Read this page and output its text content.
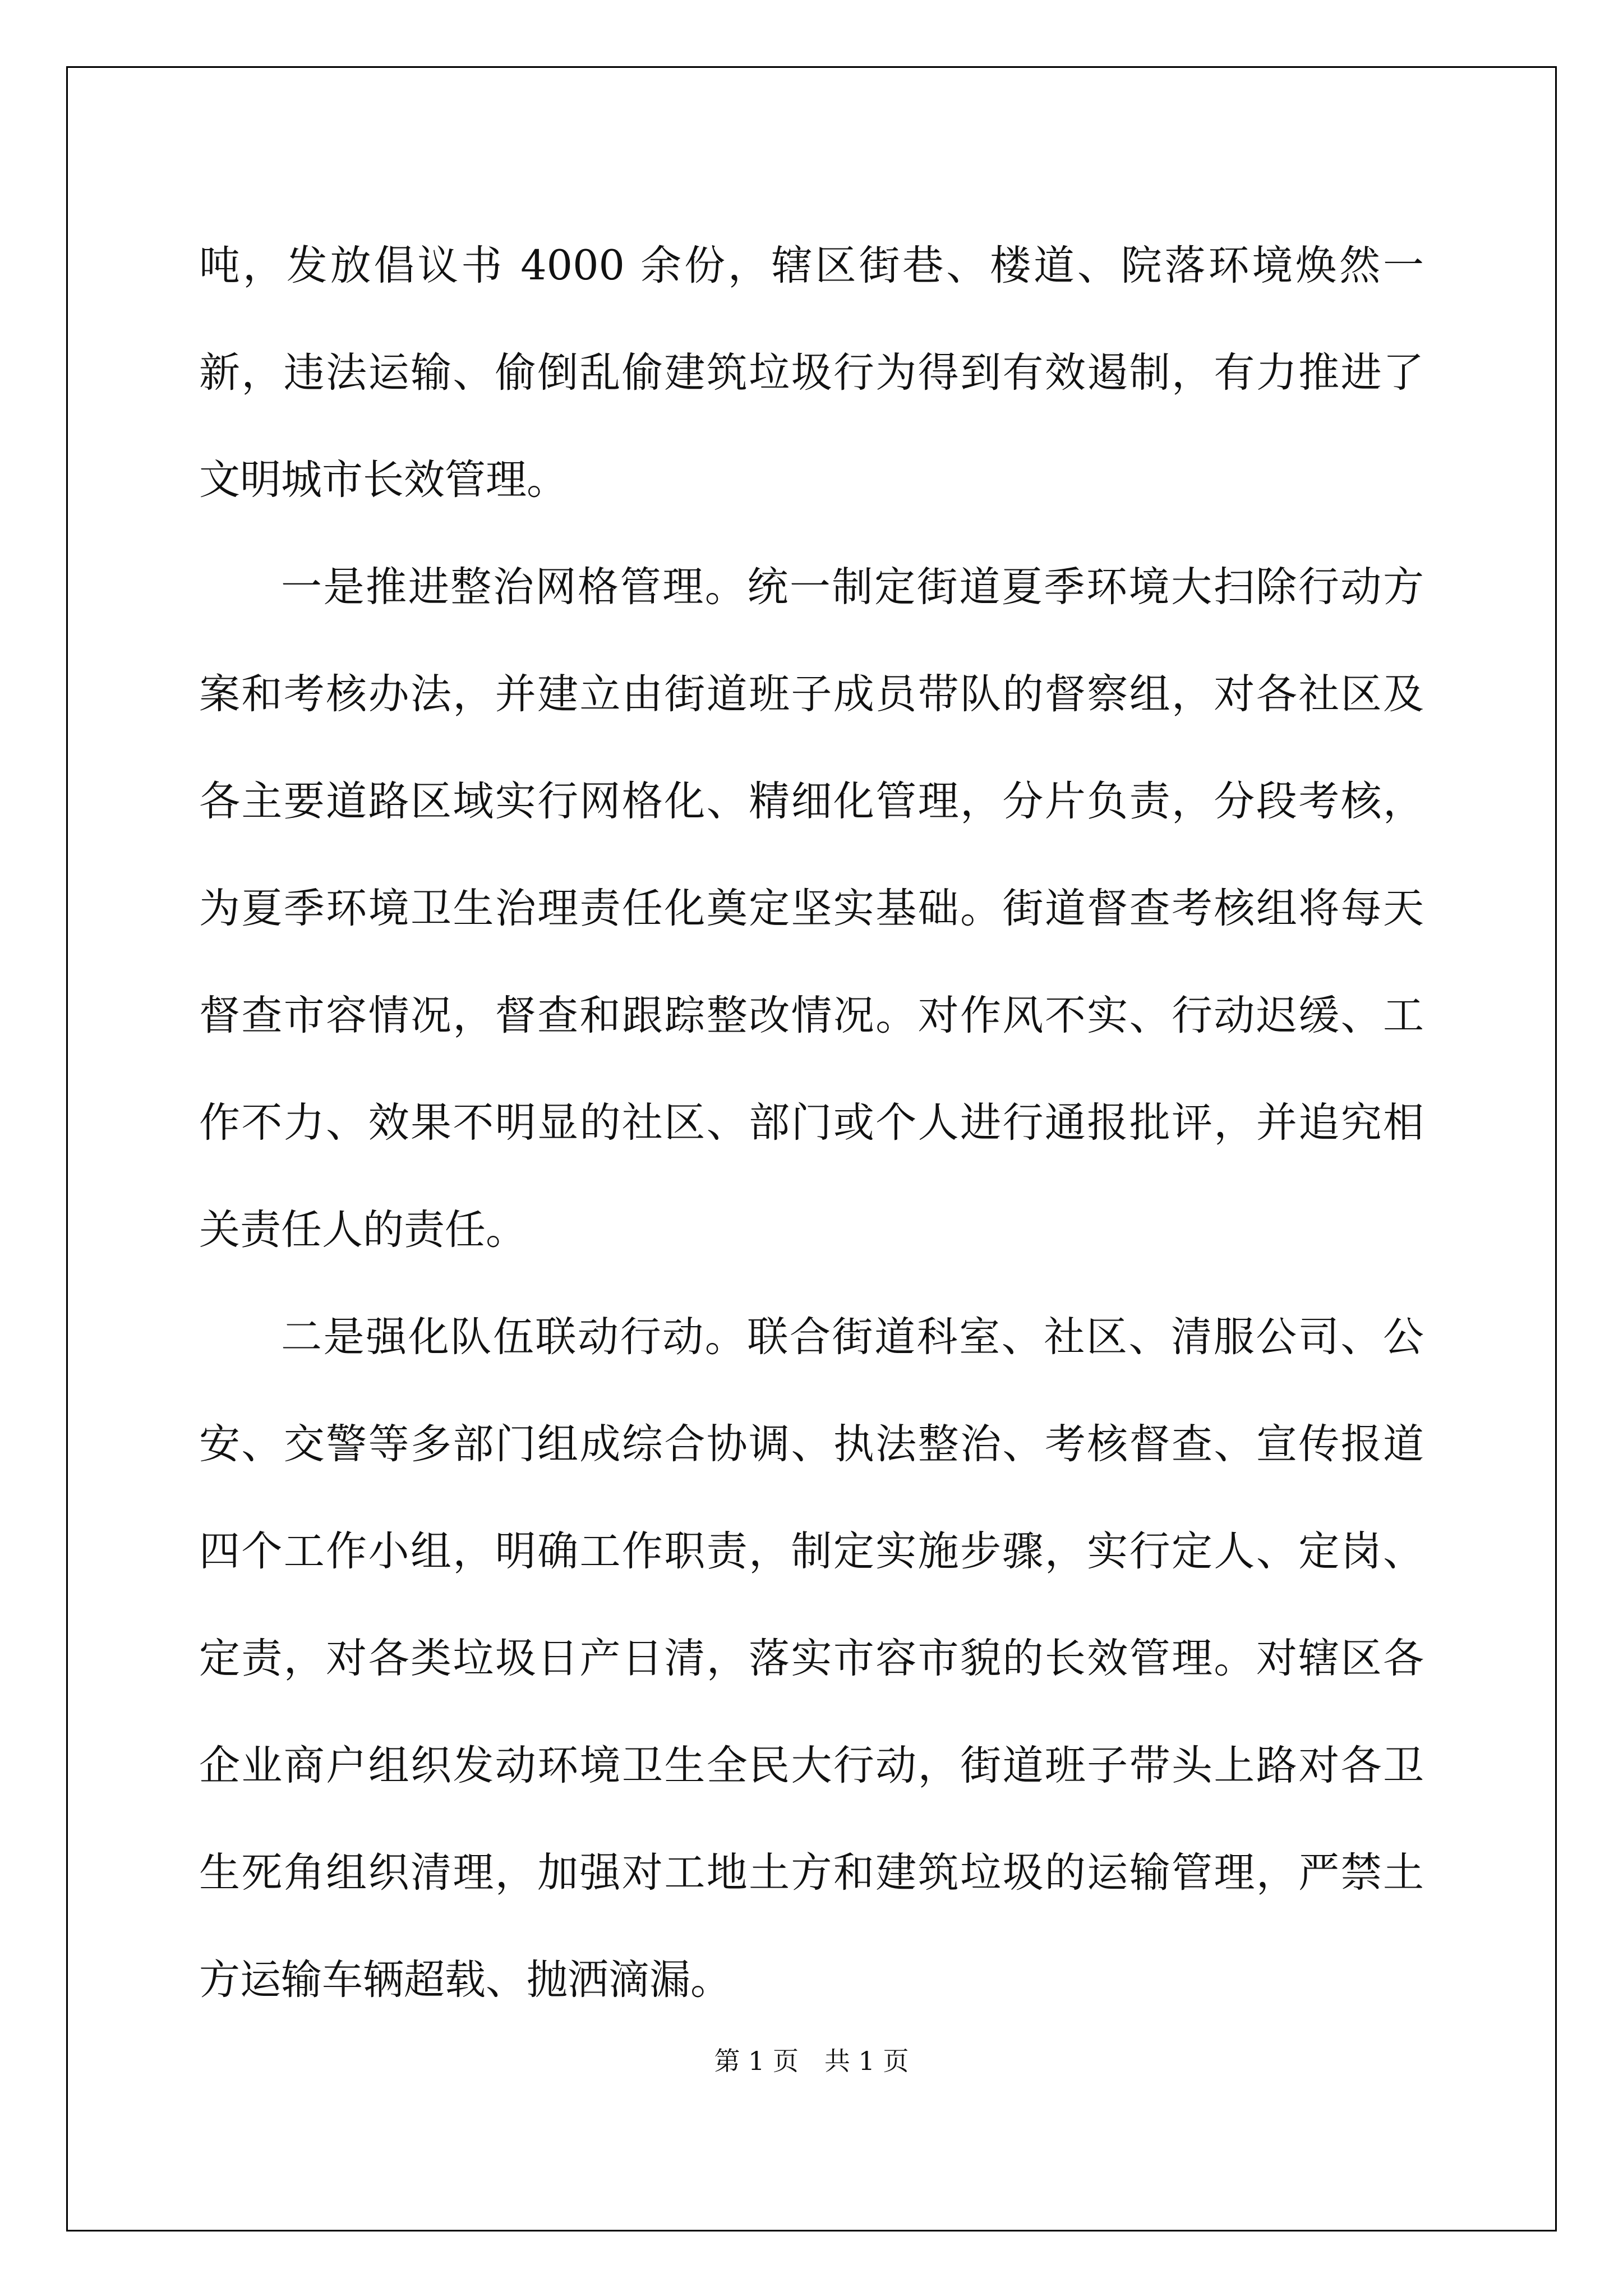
吨，发放倡议书 4000 余份，辖区街巷、楼道、院落环境焕然一新，违法运输、偷倒乱偷建筑垃圾行为得到有效遏制，有力推进了文明城市长效管理。

一是推进整治网格管理。统一制定街道夏季环境大扫除行动方案和考核办法，并建立由街道班子成员带队的督察组，对各社区及各主要道路区域实行网格化、精细化管理，分片负责，分段考核，为夏季环境卫生治理责任化奠定坚实基础。街道督查考核组将每天督查市容情况，督查和跟踪整改情况。对作风不实、行动迟缓、工作不力、效果不明显的社区、部门或个人进行通报批评，并追究相关责任人的责任。

二是强化队伍联动行动。联合街道科室、社区、清服公司、公安、交警等多部门组成综合协调、执法整治、考核督查、宣传报道四个工作小组，明确工作职责，制定实施步骤，实行定人、定岗、定责，对各类垃圾日产日清，落实市容市貌的长效管理。对辖区各企业商户组织发动环境卫生全民大行动，街道班子带头上路对各卫生死角组织清理，加强对工地土方和建筑垃圾的运输管理，严禁土方运输车辆超载、抛洒滴漏。

第 1 页　共 1 页
